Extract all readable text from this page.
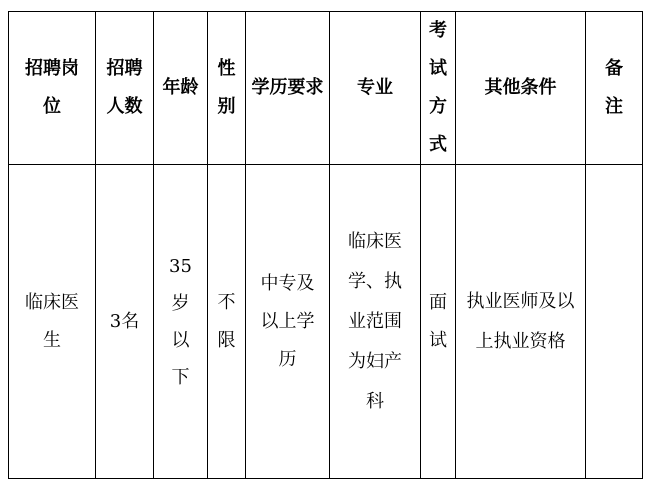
招聘岗位	招聘人数	年龄	性别	学历要求	专业	考试方式	其他条件	备注
临床医生	3名	35岁以下	不限	中专及以上学历	临床医学、执业范围为妇产科	面试	执业医师及以上执业资格	
